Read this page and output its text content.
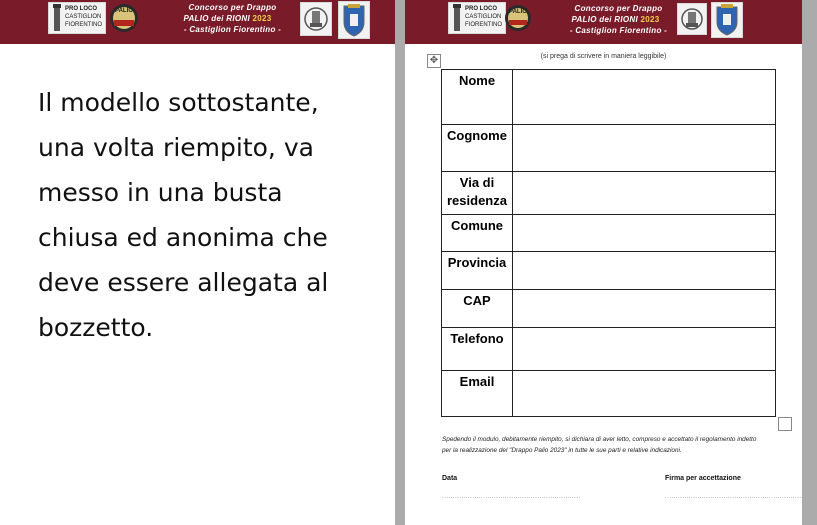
PRO LOCO
CASTIGLION
FIORENTINO
PALIO	Concorso per Drappo
PALIO dei RIONI 2023
- Castiglion Fiorentino -
Il modello sottostante, una volta riempito, va messo in una busta chiusa ed anonima che deve essere allegata al bozzetto.
PRO LOCO
CASTIGLION
FIORENTINO
PALIO	Concorso per Drappo
PALIO dei RIONI 2023
- Castiglion Fiorentino -
✥	(si prega di scrivere in maniera leggibile)
Nome	
Cognome	
Via di residenza	
Comune	
Provincia	
CAP	
Telefono	
Email	
Spedendo il modulo, debitamente riempito, si dichiara di aver letto, compreso e accettato il regolamento indetto per la realizzazione del "Drappo Palio 2023" in tutte le sue parti e relative indicazioni.
Data	Firma per accettazione
................................................................	................................................................
